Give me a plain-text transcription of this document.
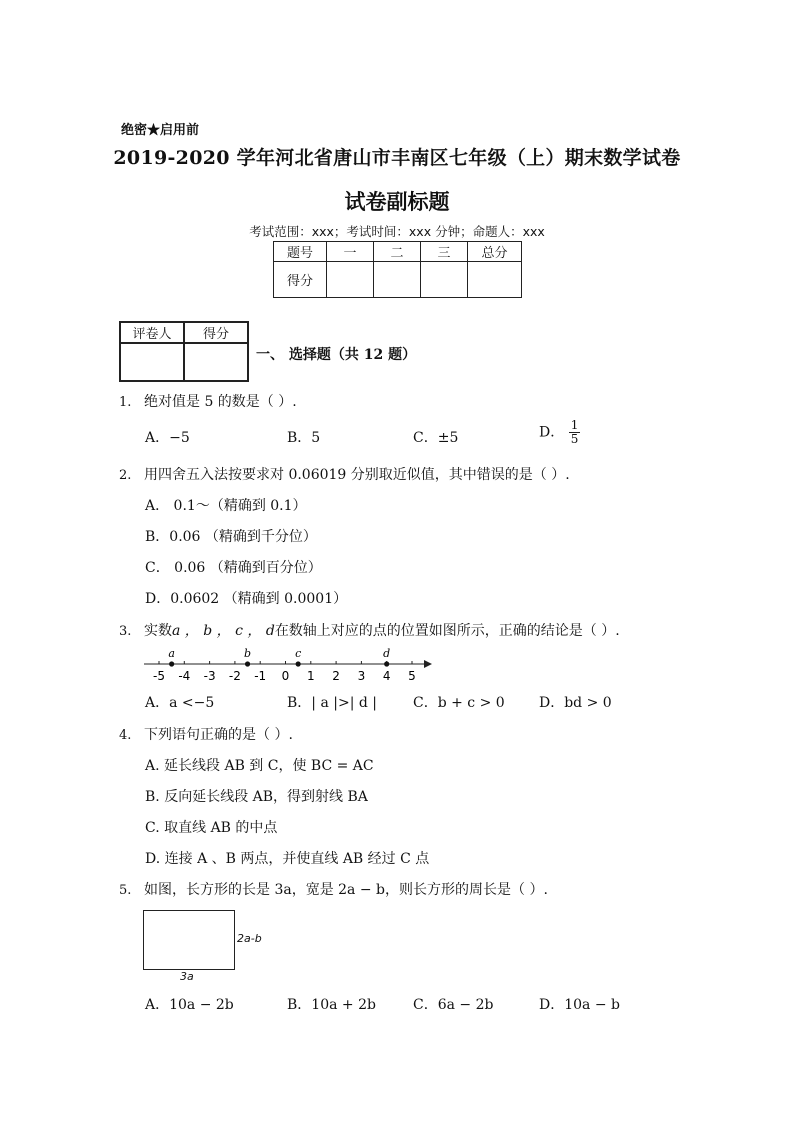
绝密★启用前
2019-2020 学年河北省唐山市丰南区七年级（上）期末数学试卷
试卷副标题
考试范围：xxx；考试时间：xxx 分钟；命题人：xxx
题号	一	二	三	总分
得分				
评卷人	得分

一、 选择题（共 12 题）
1. 绝对值是 5 的数是（ ）.
A．−5	B．5	C．±5	D． $\frac{1}{5}$
2. 用四舍五入法按要求对 0.06019 分别取近似值，其中错误的是（ ）.
A． 0.1～（精确到 0.1）
B．0.06 （精确到千分位）
C． 0.06 （精确到百分位）
D．0.0602 （精确到 0.0001）
3. 实数a ， b ， c ， d在数轴上对应的点的位置如图所示，正确的结论是（ ）.
-5 -4 -3 -2 -1 0 1 2 3 4 5
a	b	c	d
A．a <−5	B．| a |>| d |	C．b + c > 0 D．bd > 0
4. 下列语句正确的是（ ）.
A. 延长线段 AB 到 C，使 BC = AC
B. 反向延长线段 AB，得到射线 BA
C. 取直线 AB 的中点
D. 连接 A 、B 两点，并使直线 AB 经过 C 点
5. 如图，长方形的长是 3a，宽是 2a − b，则长方形的周长是（ ）.
2a-b
3a
A．10a − 2b	B．10a + 2b	C．6a − 2b	D．10a − b
